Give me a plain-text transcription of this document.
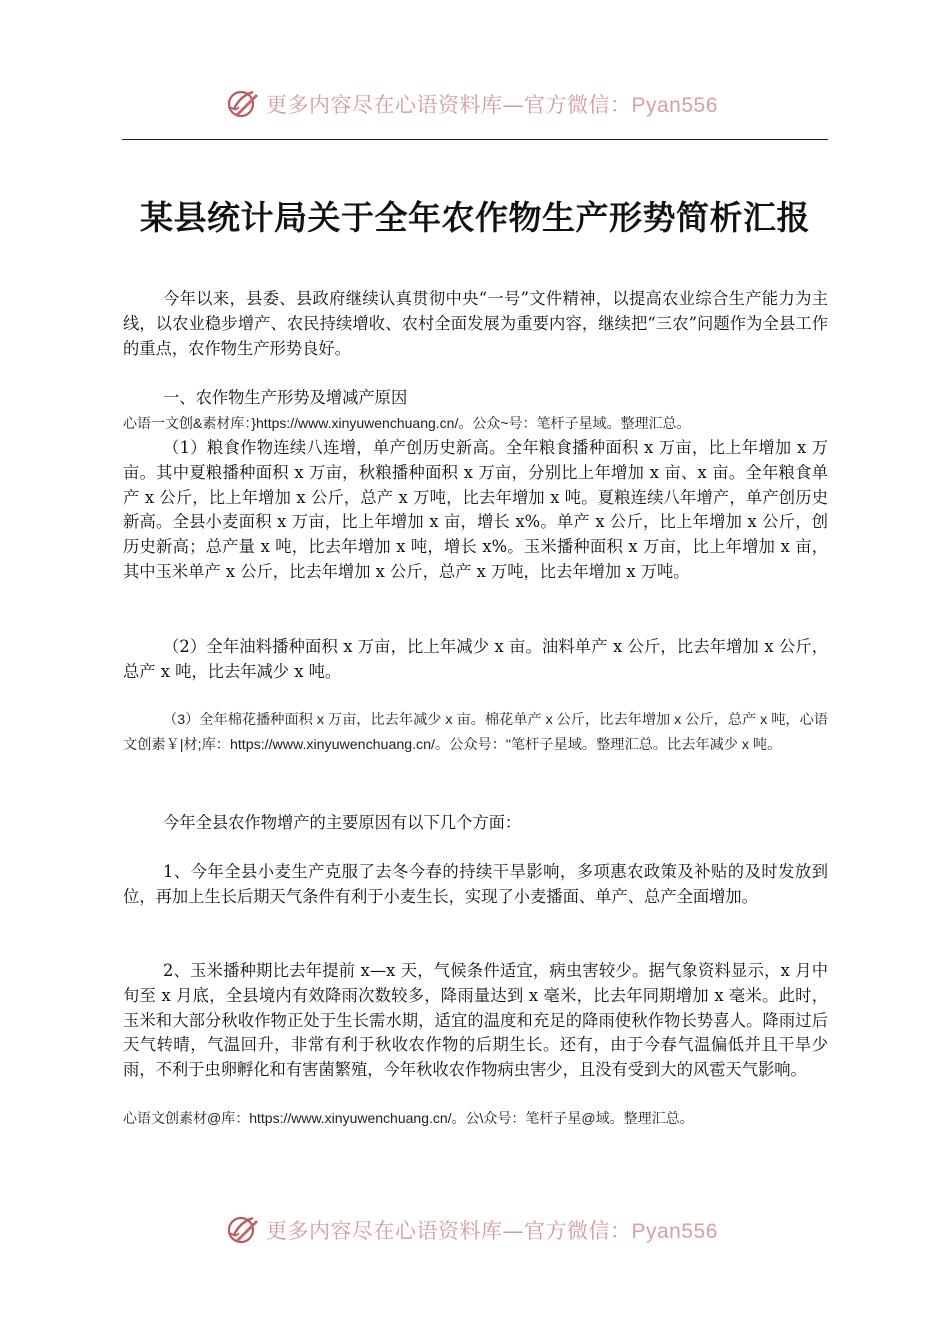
更多内容尽在心语资料库—官方微信：Pyan556
某县统计局关于全年农作物生产形势简析汇报

今年以来，县委、县政府继续认真贯彻中央“一号”文件精神，以提高农业综合生产能力为主线，以农业稳步增产、农民持续增收、农村全面发展为重要内容，继续把“三农”问题作为全县工作的重点，农作物生产形势良好。

一、农作物生产形势及增减产原因

心语一文创&素材库：}https://www.xinyuwenchuang.cn/。公众~号：笔杆子星域。整理汇总。

（1）粮食作物连续八连增，单产创历史新高。全年粮食播种面积 x 万亩，比上年增加 x 万亩。其中夏粮播种面积 x 万亩，秋粮播种面积 x 万亩，分别比上年增加 x 亩、x 亩。全年粮食单产 x 公斤，比上年增加 x 公斤，总产 x 万吨，比去年增加 x 吨。夏粮连续八年增产，单产创历史新高。全县小麦面积 x 万亩，比上年增加 x 亩，增长 x%。单产 x 公斤，比上年增加 x 公斤，创历史新高；总产量 x 吨，比去年增加 x 吨，增长 x%。玉米播种面积 x 万亩，比上年增加 x 亩，其中玉米单产 x 公斤，比去年增加 x 公斤，总产 x 万吨，比去年增加 x 万吨。

（2）全年油料播种面积 x 万亩，比上年减少 x 亩。油料单产 x 公斤，比去年增加 x 公斤，总产 x 吨，比去年减少 x 吨。

（3）全年棉花播种面积 x 万亩，比去年减少 x 亩。棉花单产 x 公斤，比去年增加 x 公斤，总产 x 吨，心语文创素￥|材;库：https://www.xinyuwenchuang.cn/。公众号："笔杆子星域。整理汇总。比去年减少 x 吨。

今年全县农作物增产的主要原因有以下几个方面：

1、今年全县小麦生产克服了去冬今春的持续干旱影响，多项惠农政策及补贴的及时发放到位，再加上生长后期天气条件有利于小麦生长，实现了小麦播面、单产、总产全面增加。

2、玉米播种期比去年提前 x—x 天，气候条件适宜，病虫害较少。据气象资料显示，x 月中旬至 x 月底，全县境内有效降雨次数较多，降雨量达到 x 毫米，比去年同期增加 x 毫米。此时，玉米和大部分秋收作物正处于生长需水期，适宜的温度和充足的降雨使秋作物长势喜人。降雨过后天气转晴，气温回升，非常有利于秋收农作物的后期生长。还有，由于今春气温偏低并且干旱少雨，不利于虫卵孵化和有害菌繁殖，今年秋收农作物病虫害少，且没有受到大的风雹天气影响。

心语文创素材@库：https://www.xinyuwenchuang.cn/。公\众号：笔杆子星@域。整理汇总。

更多内容尽在心语资料库—官方微信：Pyan556
